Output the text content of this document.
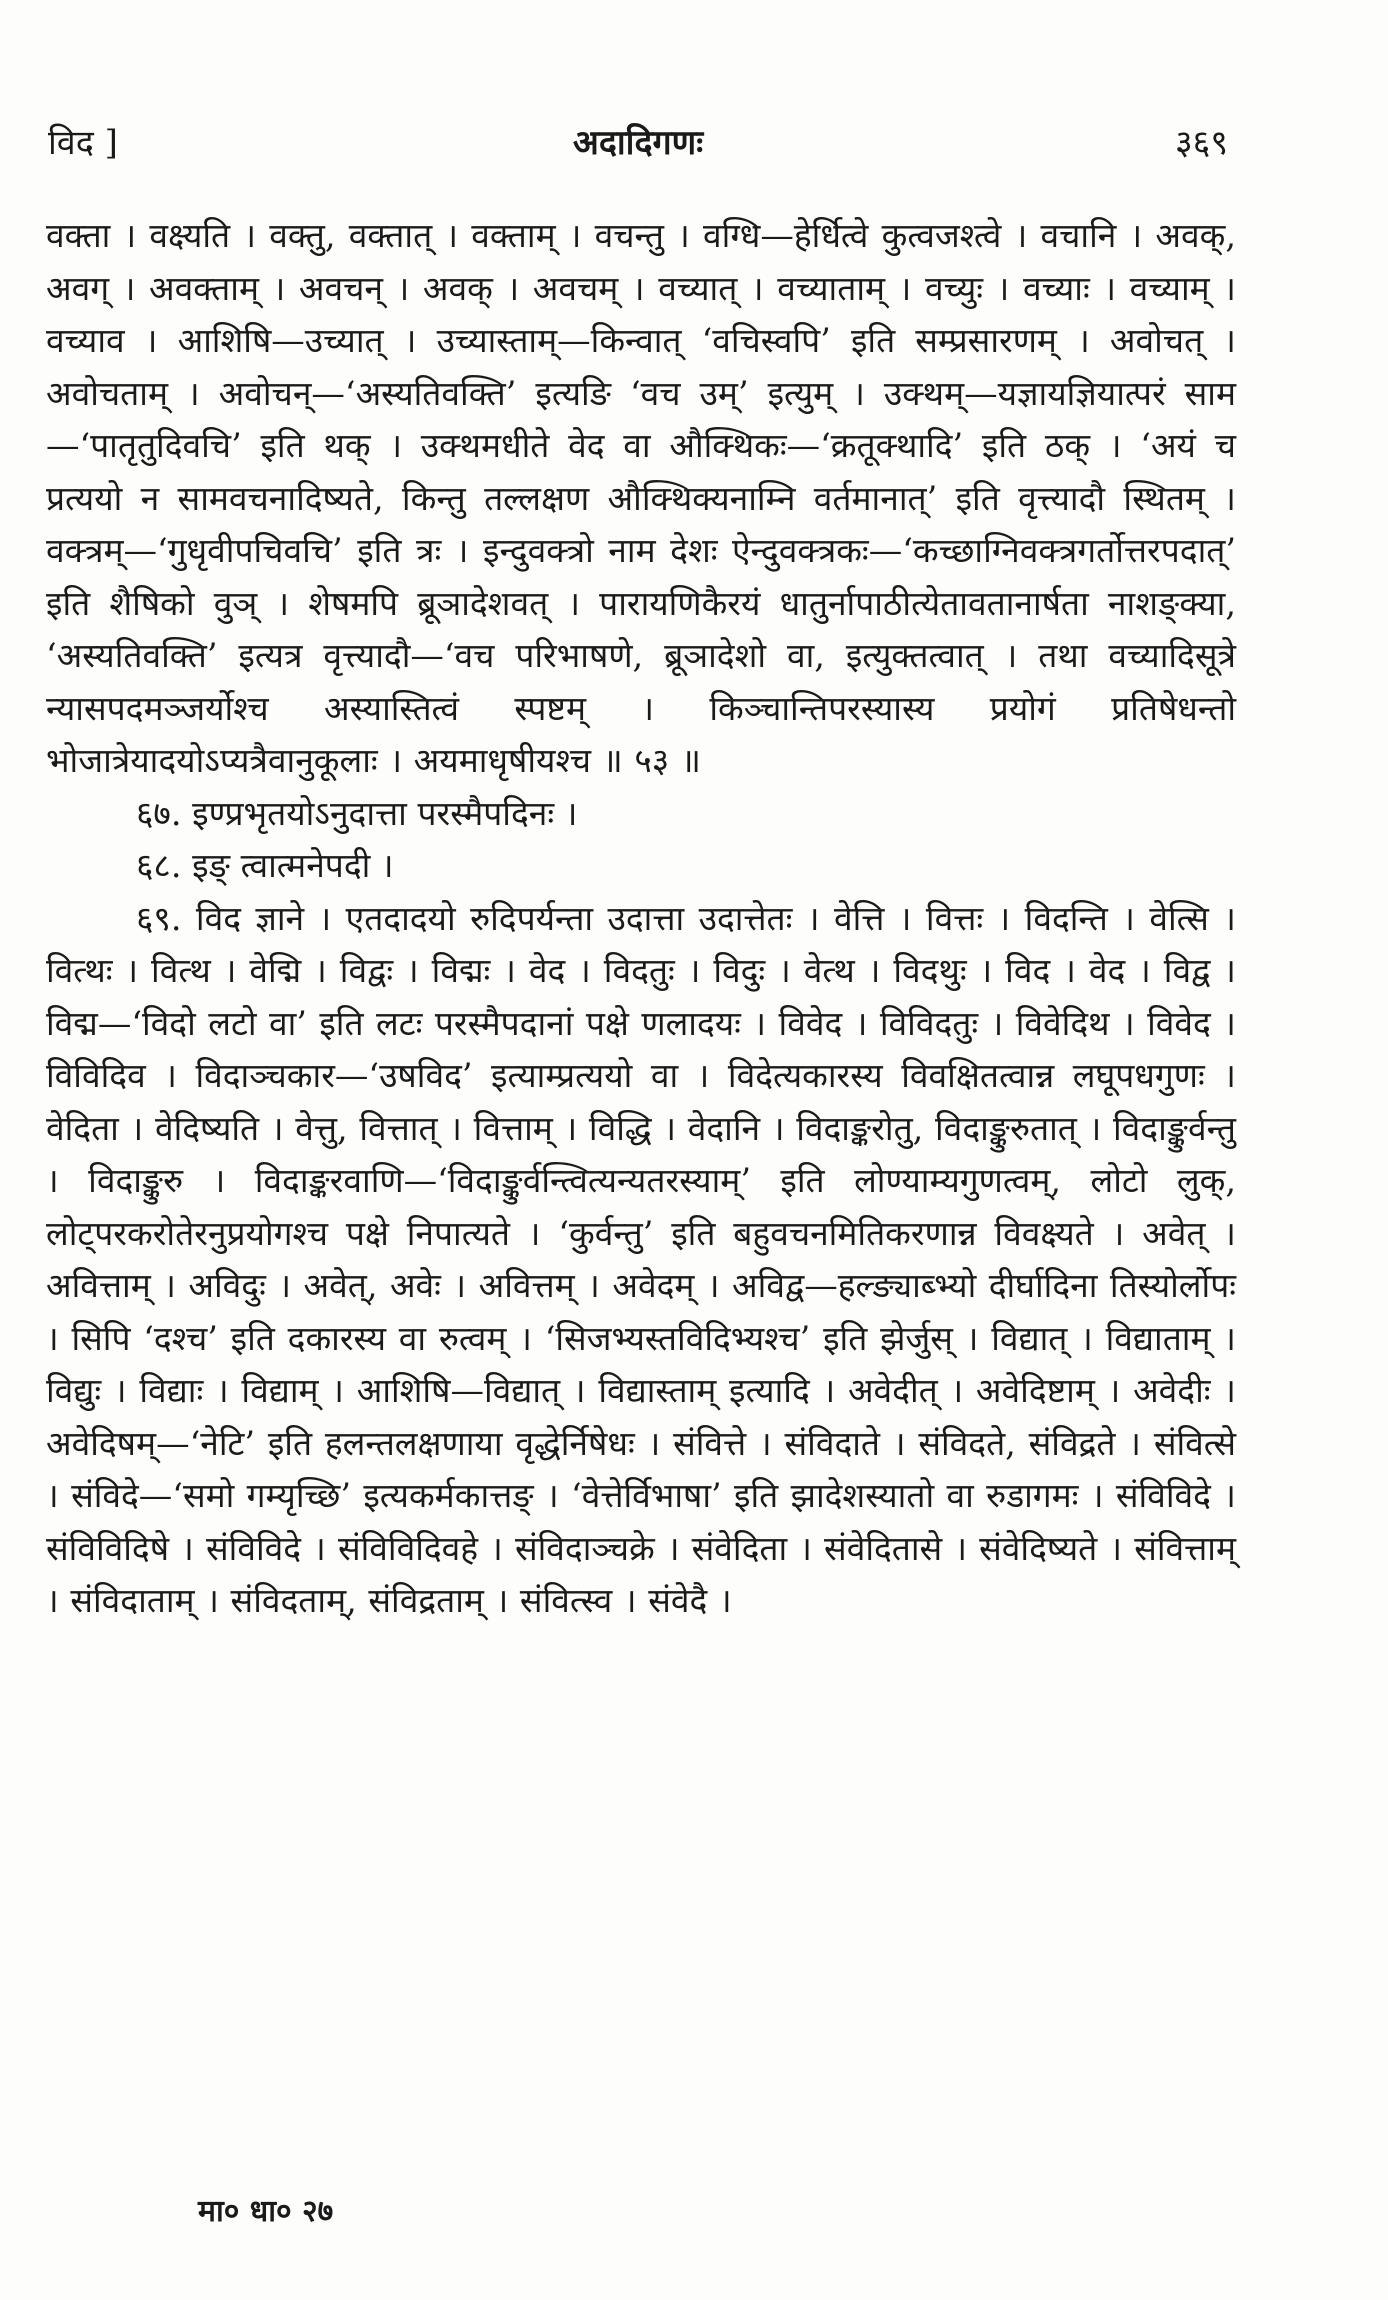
विद ]	अदादिगणः	३६९

वक्ता । वक्ष्यति । वक्तु, वक्तात् । वक्ताम् । वचन्तु । वग्धि—हेर्धित्वे कुत्वजश्त्वे । वचानि । अवक्, अवग् । अवक्ताम् । अवचन् । अवक् । अवचम् । वच्यात् । वच्याताम् । वच्युः । वच्याः । वच्याम् । वच्याव । आशिषि—उच्यात् । उच्यास्ताम्—किन्वात् ‘वचिस्वपि’ इति सम्प्रसारणम् । अवोचत् । अवोचताम् । अवोचन्—‘अस्यतिवक्ति’ इत्यङि ‘वच उम्’ इत्युम् । उक्थम्—यज्ञायज्ञियात्परं साम—‘पातृतुदिवचि’ इति थक् । उक्थमधीते वेद वा औक्थिकः—‘क्रतूक्थादि’ इति ठक् । ‘अयं च प्रत्ययो न सामवचनादिष्यते, किन्तु तल्लक्षण औक्थिक्यनाम्नि वर्तमानात्’ इति वृत्त्यादौ स्थितम् । वक्त्रम्—‘गुधृवीपचिवचि’ इति त्रः । इन्दुवक्त्रो नाम देशः ऐन्दुवक्त्रकः—‘कच्छाग्निवक्त्रगर्तोत्तरपदात्’ इति शैषिको वुञ् । शेषमपि ब्रूञादेशवत् । पारायणिकैरयं धातुर्नापाठीत्येतावतानार्षता नाशङ्क्या, ‘अस्यतिवक्ति’ इत्यत्र वृत्त्यादौ—‘वच परिभाषणे, ब्रूञादेशो वा, इत्युक्तत्वात् । तथा वच्यादिसूत्रे न्यासपदमञ्जर्योश्च अस्यास्तित्वं स्पष्टम् । किञ्चान्तिपरस्यास्य प्रयोगं प्रतिषेधन्तो भोजात्रेयादयोऽप्यत्रैवानुकूलाः । अयमाधृषीयश्च ॥ ५३ ॥

६७. इण्प्रभृतयोऽनुदात्ता परस्मैपदिनः ।

६८. इङ् त्वात्मनेपदी ।

६९. विद ज्ञाने । एतदादयो रुदिपर्यन्ता उदात्ता उदात्तेतः । वेत्ति । वित्तः । विदन्ति । वेत्सि । वित्थः । वित्थ । वेद्मि । विद्वः । विद्मः । वेद । विदतुः । विदुः । वेत्थ । विदथुः । विद । वेद । विद्व । विद्म—‘विदो लटो वा’ इति लटः परस्मैपदानां पक्षे णलादयः । विवेद । विविदतुः । विवेदिथ । विवेद । विविदिव । विदाञ्चकार—‘उषविद’ इत्याम्प्रत्ययो वा । विदेत्यकारस्य विवक्षितत्वान्न लघूपधगुणः । वेदिता । वेदिष्यति । वेत्तु, वित्तात् । वित्ताम् । विद्धि । वेदानि । विदाङ्करोतु, विदाङ्कुरुतात् । विदाङ्कुर्वन्तु । विदाङ्कुरु । विदाङ्करवाणि—‘विदाङ्कुर्वन्त्वित्यन्यतरस्याम्’ इति लोण्याम्यगुणत्वम्, लोटो लुक्, लोट्परकरोतेरनुप्रयोगश्च पक्षे निपात्यते । ‘कुर्वन्तु’ इति बहुवचनमितिकरणान्न विवक्ष्यते । अवेत् । अवित्ताम् । अविदुः । अवेत्, अवेः । अवित्तम् । अवेदम् । अविद्व—हल्ङ्याब्भ्यो दीर्घादिना तिस्योर्लोपः । सिपि ‘दश्च’ इति दकारस्य वा रुत्वम् । ‘सिजभ्यस्तविदिभ्यश्च’ इति झेर्जुस् । विद्यात् । विद्याताम् । विद्युः । विद्याः । विद्याम् । आशिषि—विद्यात् । विद्यास्ताम् इत्यादि । अवेदीत् । अवेदिष्टाम् । अवेदीः । अवेदिषम्—‘नेटि’ इति हलन्तलक्षणाया वृद्धेर्निषेधः । संवित्ते । संविदाते । संविदते, संविद्रते । संवित्से । संविदे—‘समो गम्यृच्छि’ इत्यकर्मकात्तङ् । ‘वेत्तेर्विभाषा’ इति झादेशस्यातो वा रुडागमः । संविविदे । संविविदिषे । संविविदे । संविविदिवहे । संविदाञ्चक्रे । संवेदिता । संवेदितासे । संवेदिष्यते । संवित्ताम् । संविदाताम् । संविदताम्, संविद्रताम् । संवित्स्व । संवेदै ।

मा० धा० २७
